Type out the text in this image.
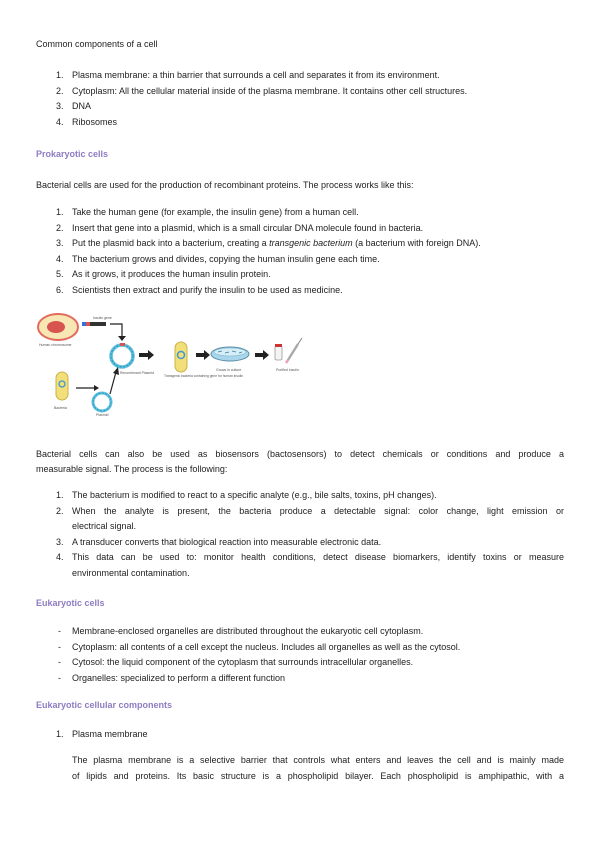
Common components of a cell
1. Plasma membrane: a thin barrier that surrounds a cell and separates it from its environment.
2. Cytoplasm: All the cellular material inside of the plasma membrane. It contains other cell structures.
3. DNA
4. Ribosomes
Prokaryotic cells
Bacterial cells are used for the production of recombinant proteins. The process works like this:
1. Take the human gene (for example, the insulin gene) from a human cell.
2. Insert that gene into a plasmid, which is a small circular DNA molecule found in bacteria.
3. Put the plasmid back into a bacterium, creating a transgenic bacterium (a bacterium with foreign DNA).
4. The bacterium grows and divides, copying the human insulin gene each time.
5. As it grows, it produces the human insulin protein.
6. Scientists then extract and purify the insulin to be used as medicine.
Human chromosome
Insulin gene
Recombinant Plasmid
Transgenic bacteria containing gene for human insulin
Grows in culture	Purified insulin
Bacteria
Plasmid
Bacterial cells can also be used as biosensors (bactosensors) to detect chemicals or conditions and produce a
measurable signal. The process is the following:
1. The bacterium is modified to react to a specific analyte (e.g., bile salts, toxins, pH changes).
2. When the analyte is present, the bacteria produce a detectable signal: color change, light emission or
electrical signal.
3. A transducer converts that biological reaction into measurable electronic data.
4. This data can be used to: monitor health conditions, detect disease biomarkers, identify toxins or measure
environmental contamination.
Eukaryotic cells
- Membrane-enclosed organelles are distributed throughout the eukaryotic cell cytoplasm.
- Cytoplasm: all contents of a cell except the nucleus. Includes all organelles as well as the cytosol.
- Cytosol: the liquid component of the cytoplasm that surrounds intracellular organelles.
- Organelles: specialized to perform a different function
Eukaryotic cellular components
1. Plasma membrane
The plasma membrane is a selective barrier that controls what enters and leaves the cell and is mainly made
of lipids and proteins. Its basic structure is a phospholipid bilayer. Each phospholipid is amphipathic, with a
